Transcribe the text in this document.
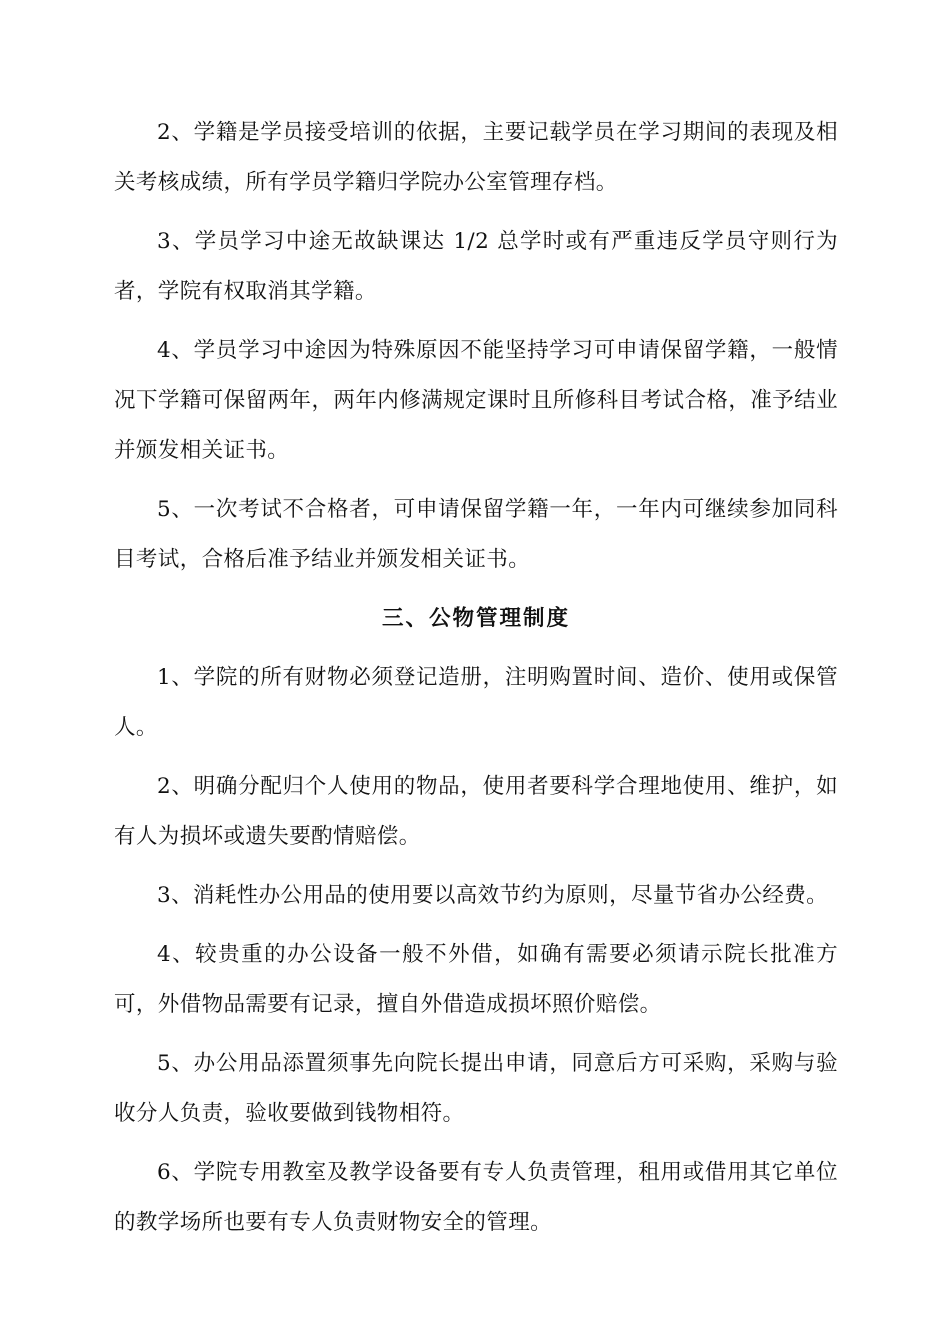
2、学籍是学员接受培训的依据，主要记载学员在学习期间的表现及相关考核成绩，所有学员学籍归学院办公室管理存档。

3、学员学习中途无故缺课达 1/2 总学时或有严重违反学员守则行为者，学院有权取消其学籍。

4、学员学习中途因为特殊原因不能坚持学习可申请保留学籍，一般情况下学籍可保留两年，两年内修满规定课时且所修科目考试合格，准予结业并颁发相关证书。

5、一次考试不合格者，可申请保留学籍一年，一年内可继续参加同科目考试，合格后准予结业并颁发相关证书。

三、公物管理制度

1、学院的所有财物必须登记造册，注明购置时间、造价、使用或保管人。

2、明确分配归个人使用的物品，使用者要科学合理地使用、维护，如有人为损坏或遗失要酌情赔偿。

3、消耗性办公用品的使用要以高效节约为原则，尽量节省办公经费。

4、较贵重的办公设备一般不外借，如确有需要必须请示院长批准方可，外借物品需要有记录，擅自外借造成损坏照价赔偿。

5、办公用品添置须事先向院长提出申请，同意后方可采购，采购与验收分人负责，验收要做到钱物相符。

6、学院专用教室及教学设备要有专人负责管理，租用或借用其它单位的教学场所也要有专人负责财物安全的管理。
